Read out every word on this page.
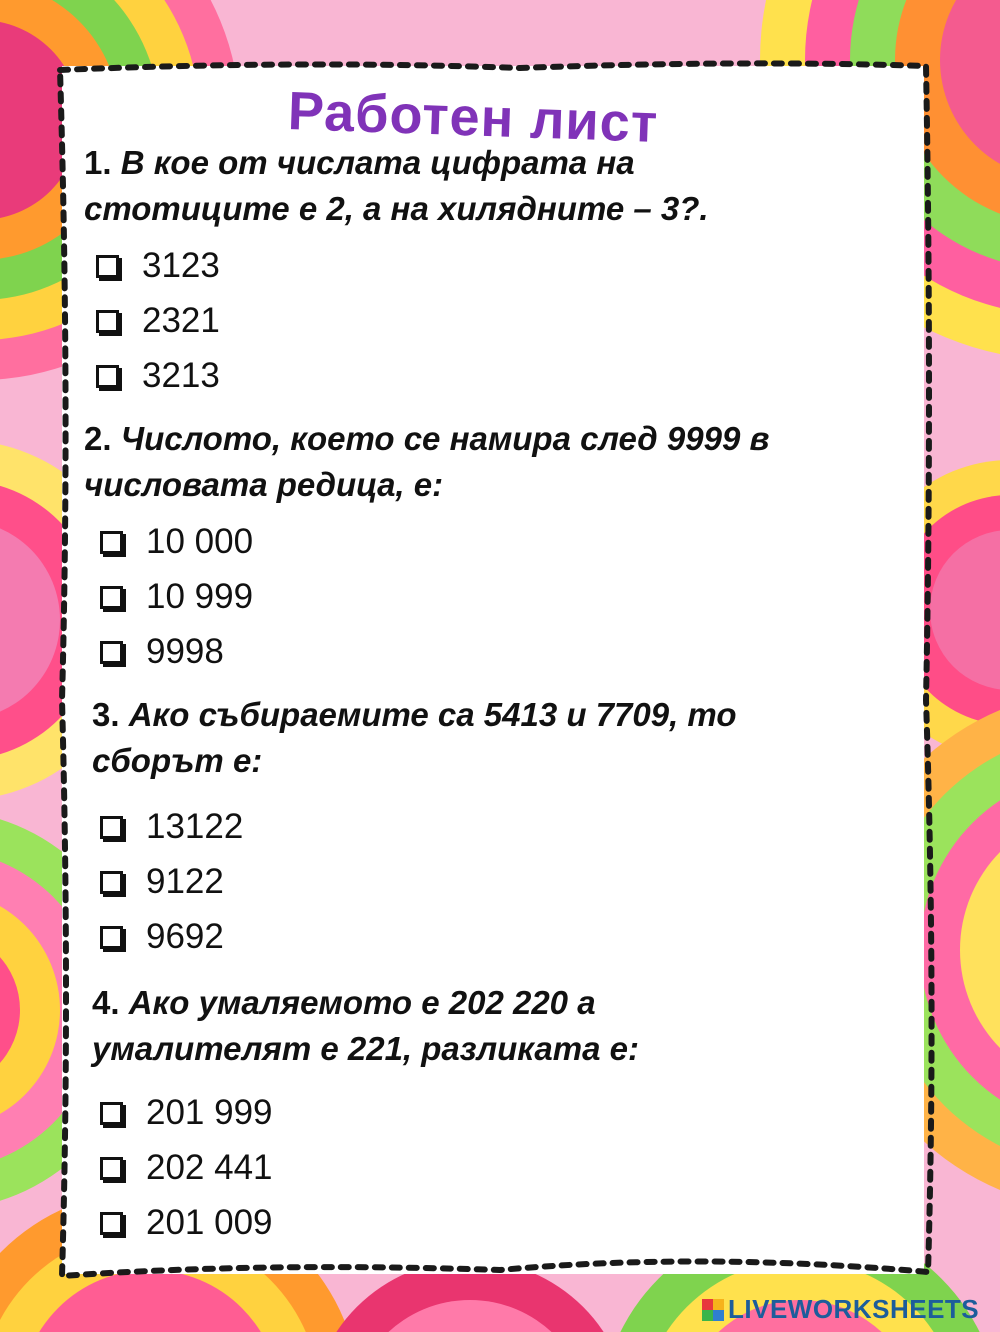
Работен лист

1. В кое от числата цифрата на
стотиците е 2, а на хилядните – 3?.

3123
2321
3213

2. Числото, което се намира след 9999 в
числовата редица, е:

10 000
10 999
9998

3. Ако събираемите са 5413 и 7709, то
сборът е:

13122
9122
9692

4. Ако умаляемото е 202 220 а
умалителят е 221, разликата е:

201 999
202 441
201 009
LIVEWORKSHEETS
